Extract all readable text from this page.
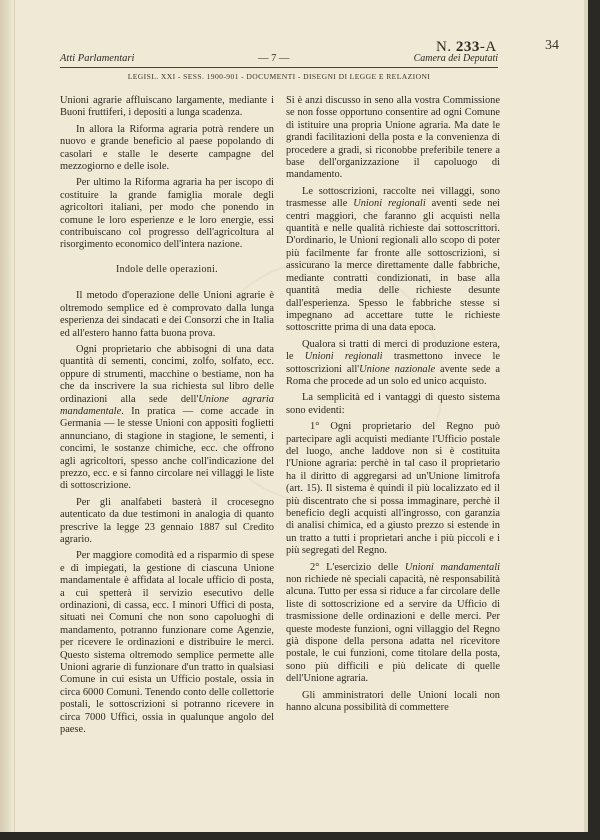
Atti Parlamentari	— 7 —	Camera dei Deputati
N. 233-A	34
LEGISL. XXI - SESS. 1900-901 - DOCUMENTI - DISEGNI DI LEGGE E RELAZIONI

Unioni agrarie affluiscano largamente, mediante i Buoni fruttiferi, i depositi a lunga scadenza.

In allora la Riforma agraria potrà rendere un nuovo e grande beneficio al paese popolando di casolari e stalle le deserte campagne del mezzogiorno e delle isole.

Per ultimo la Riforma agraria ha per iscopo di costituire la grande famiglia morale degli agricoltori italiani, per modo che ponendo in comune le loro esperienze e le loro energie, essi contribuiscano col progresso dell'agricoltura al risorgimento economico dell'intera nazione.

Indole delle operazioni.

Il metodo d'operazione delle Unioni agrarie è oltremodo semplice ed è comprovato dalla lunga esperienza dei sindacati e dei Consorzi che in Italia ed all'estero hanno fatta buona prova.

Ogni proprietario che abbisogni di una data quantità di sementi, concimi, zolfo, solfato, ecc. oppure di strumenti, macchine o bestiame, non ha che da inscrivere la sua richiesta sul libro delle ordinazioni alla sede dell'Unione agraria mandamentale. In pratica — come accade in Germania — le stesse Unioni con appositi foglietti annunciano, di stagione in stagione, le sementi, i concimi, le sostanze chimiche, ecc. che offrono agli agricoltori, spesso anche coll'indicazione del prezzo, ecc. e si fanno circolare nei villaggi le liste di sottoscrizione.

Per gli analfabeti basterà il crocesegno autenticato da due testimoni in analogia di quanto prescrive la legge 23 gennaio 1887 sul Credito agrario.

Per maggiore comodità ed a risparmio di spese e di impiegati, la gestione di ciascuna Unione mandamentale è affidata al locale ufficio di posta, a cui spetterà il servizio esecutivo delle ordinazioni, di cassa, ecc. I minori Uffici di posta, situati nei Comuni che non sono capoluoghi di mandamento, potranno funzionare come Agenzie, per ricevere le ordinazioni e distribuire le merci. Questo sistema oltremodo semplice permette alle Unioni agrarie di funzionare d'un tratto in qualsiasi Comune in cui esista un Ufficio postale, ossia in circa 6000 Comuni. Tenendo conto delle collettorie postali, le sottoscrizioni si potranno ricevere in circa 7000 Uffici, ossia in qualunque angolo del paese.

Si è anzi discusso in seno alla vostra Commissione se non fosse opportuno consentire ad ogni Comune di istituire una propria Unione agraria. Ma date le grandi facilitazioni della posta e la convenienza di procedere a gradi, si riconobbe preferibile tenere a base dell'organizzazione il capoluogo di mandamento.

Le sottoscrizioni, raccolte nei villaggi, sono trasmesse alle Unioni regionali aventi sede nei centri maggiori, che faranno gli acquisti nella quantità e nelle qualità richieste dai sottoscrittori. D'ordinario, le Unioni regionali allo scopo di poter più facilmente far fronte alle sottoscrizioni, si assicurano la merce direttamente dalle fabbriche, mediante contratti condizionati, in base alla quantità media delle richieste desunte dall'esperienza. Spesso le fabbriche stesse si impegnano ad accettare tutte le richieste sottoscritte prima di una data epoca.

Qualora si tratti di merci di produzione estera, le Unioni regionali trasmettono invece le sottoscrizioni all'Unione nazionale avente sede a Roma che procede ad un solo ed unico acquisto.

La semplicità ed i vantaggi di questo sistema sono evidenti:

1° Ogni proprietario del Regno può partecipare agli acquisti mediante l'Ufficio postale del luogo, anche laddove non si è costituita l'Unione agraria: perchè in tal caso il proprietario ha il diritto di aggregarsi ad un'Unione limitrofa (art. 15). Il sistema è quindi il più localizzato ed il più discentrato che si possa immaginare, perchè il beneficio degli acquisti all'ingrosso, con garanzia di analisi chimica, ed a giusto prezzo si estende in un tratto a tutti i proprietari anche i più piccoli e i più segregati del Regno.

2° L'esercizio delle Unioni mandamentali non richiede nè speciali capacità, nè responsabilità alcuna. Tutto per essa si riduce a far circolare delle liste di sottoscrizione ed a servire da Ufficio di trasmissione delle ordinazioni e delle merci. Per queste modeste funzioni, ogni villaggio del Regno già dispone della persona adatta nel ricevitore postale, le cui funzioni, come titolare della posta, sono più difficili e più delicate di quelle dell'Unione agraria.

Gli amministratori delle Unioni locali non hanno alcuna possibilità di commettere
